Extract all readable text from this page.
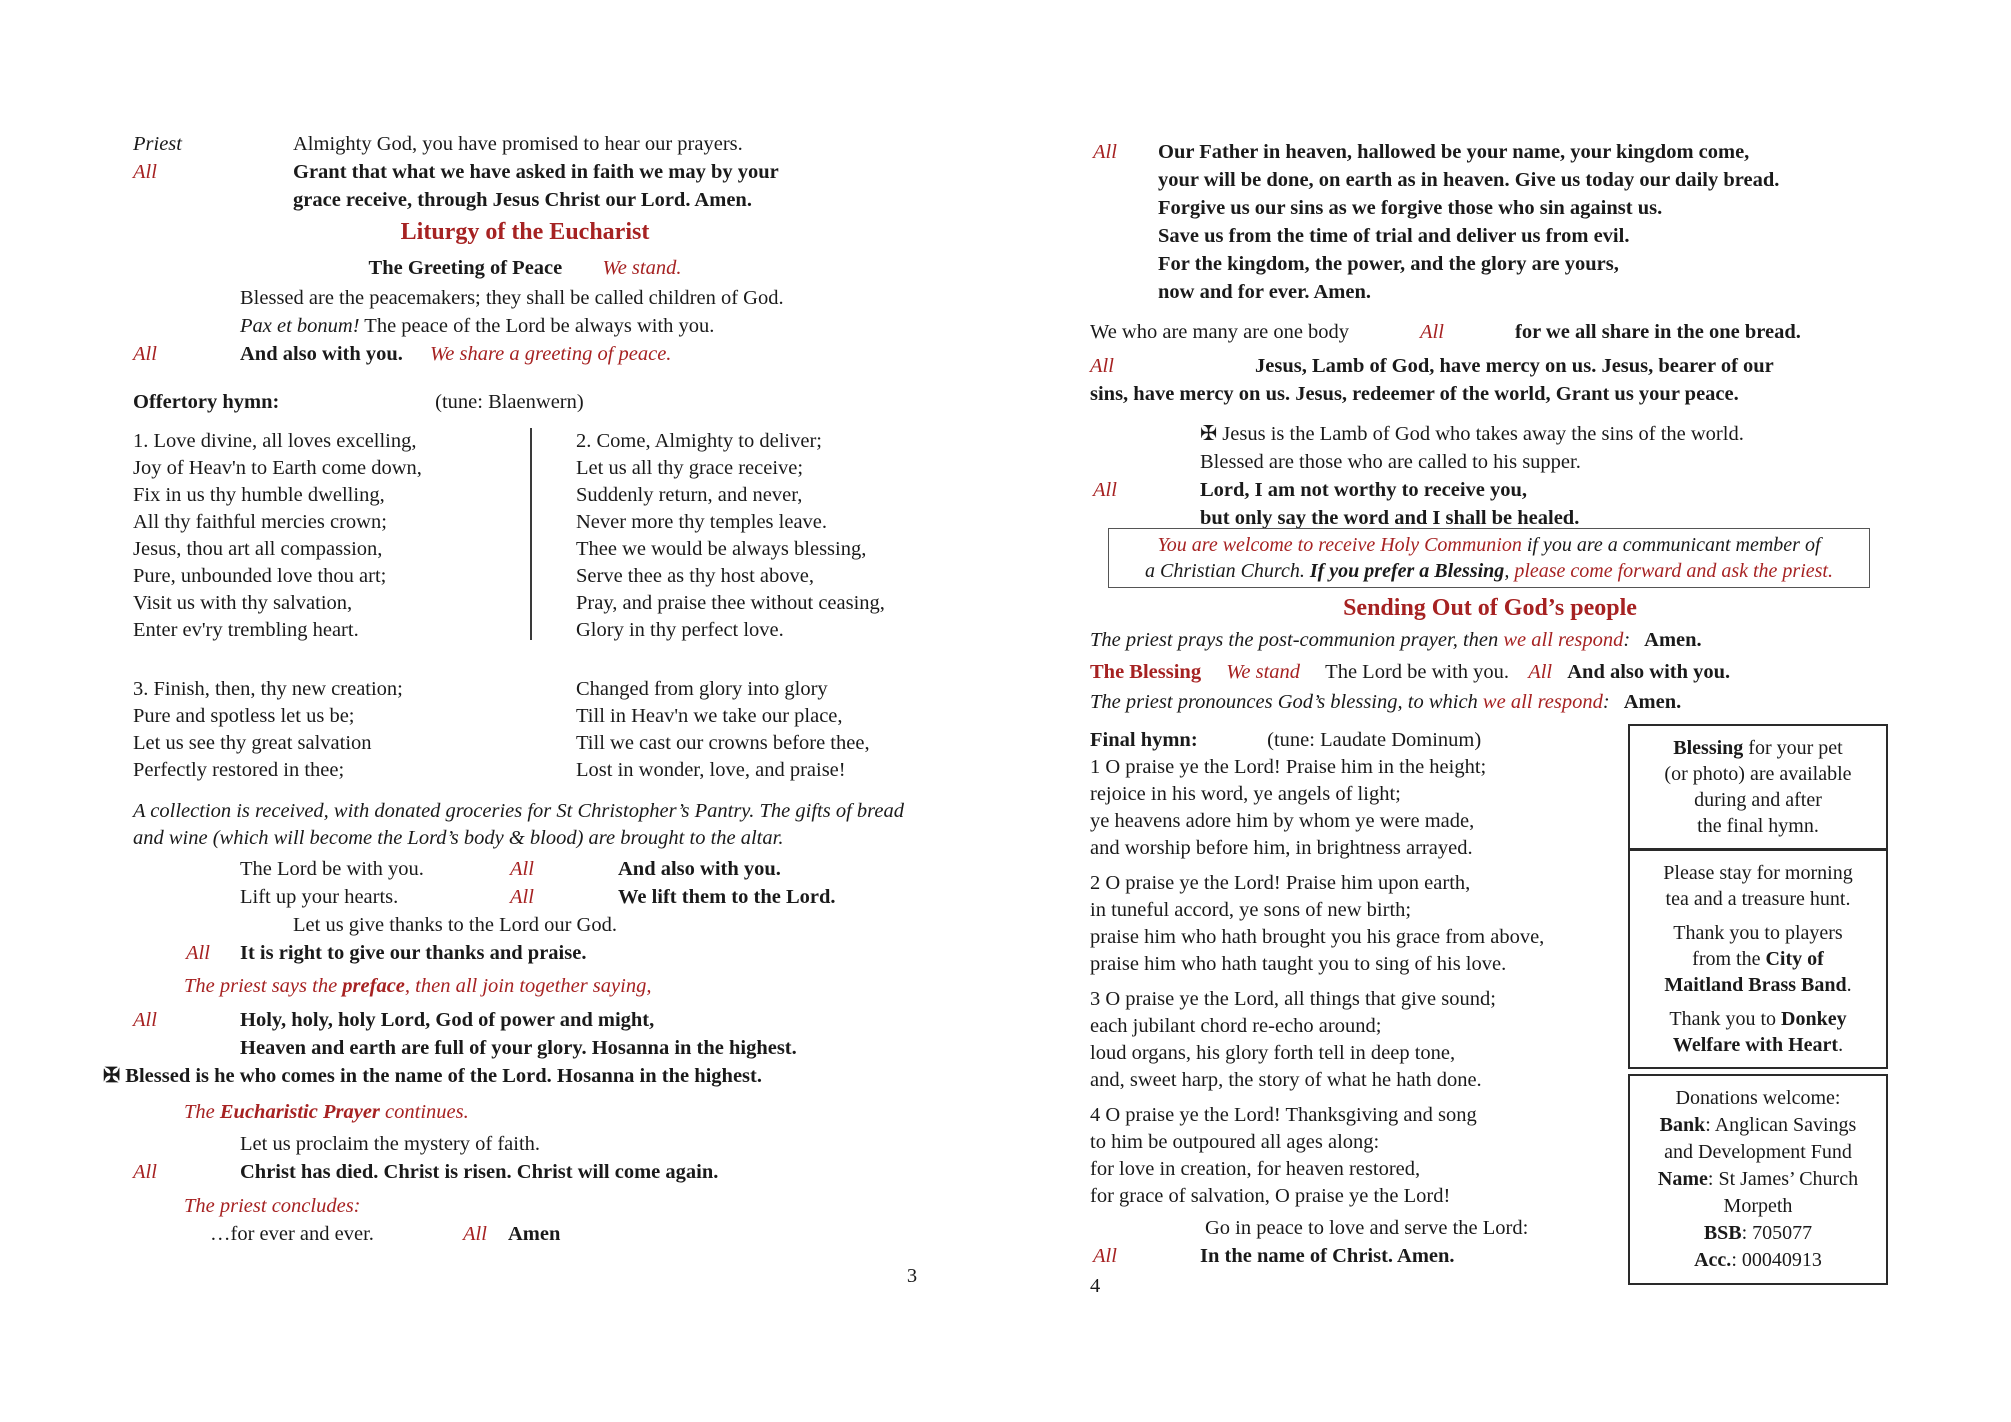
Priest	Almighty God, you have promised to hear our prayers.
All	Grant that what we have asked in faith we may by your
grace receive, through Jesus Christ our Lord. Amen.
Liturgy of the Eucharist
The Greeting of Peace We stand.
Blessed are the peacemakers; they shall be called children of God.
Pax et bonum! The peace of the Lord be always with you.
All	And also with you. We share a greeting of peace.
Offertory hymn:	(tune: Blaenwern)
1. Love divine, all loves excelling,
Joy of Heav'n to Earth come down,
Fix in us thy humble dwelling,
All thy faithful mercies crown;
Jesus, thou art all compassion,
Pure, unbounded love thou art;
Visit us with thy salvation,
Enter ev'ry trembling heart.
2. Come, Almighty to deliver;
Let us all thy grace receive;
Suddenly return, and never,
Never more thy temples leave.
Thee we would be always blessing,
Serve thee as thy host above,
Pray, and praise thee without ceasing,
Glory in thy perfect love.
3. Finish, then, thy new creation;
Pure and spotless let us be;
Let us see thy great salvation
Perfectly restored in thee;
Changed from glory into glory
Till in Heav'n we take our place,
Till we cast our crowns before thee,
Lost in wonder, love, and praise!
A collection is received, with donated groceries for St Christopher’s Pantry. The gifts of bread
and wine (which will become the Lord’s body & blood) are brought to the altar.
The Lord be with you.	All	And also with you.
Lift up your hearts.	All	We lift them to the Lord.
Let us give thanks to the Lord our God.
All	It is right to give our thanks and praise.
The priest says the preface, then all join together saying,
All	Holy, holy, holy Lord, God of power and might,
Heaven and earth are full of your glory. Hosanna in the highest.
✠ Blessed is he who comes in the name of the Lord. Hosanna in the highest.
The Eucharistic Prayer continues.
Let us proclaim the mystery of faith.
All	Christ has died. Christ is risen. Christ will come again.
The priest concludes:
…for ever and ever.	All Amen
3
All	Our Father in heaven, hallowed be your name, your kingdom come,
your will be done, on earth as in heaven. Give us today our daily bread.
Forgive us our sins as we forgive those who sin against us.
Save us from the time of trial and deliver us from evil.
For the kingdom, the power, and the glory are yours,
now and for ever. Amen.
We who are many are one body	All	for we all share in the one bread.
All	Jesus, Lamb of God, have mercy on us. Jesus, bearer of our
sins, have mercy on us. Jesus, redeemer of the world, Grant us your peace.
✠ Jesus is the Lamb of God who takes away the sins of the world.
Blessed are those who are called to his supper.
All	Lord, I am not worthy to receive you,
but only say the word and I shall be healed.
You are welcome to receive Holy Communion if you are a communicant member of
a Christian Church. If you prefer a Blessing, please come forward and ask the priest.
Sending Out of God’s people
The priest prays the post-communion prayer, then we all respond: Amen.
The Blessing We stand The Lord be with you. All And also with you.
The priest pronounces God’s blessing, to which we all respond: Amen.
Final hymn:	(tune: Laudate Dominum)
1 O praise ye the Lord! Praise him in the height;
rejoice in his word, ye angels of light;
ye heavens adore him by whom ye were made,
and worship before him, in brightness arrayed.
2 O praise ye the Lord! Praise him upon earth,
in tuneful accord, ye sons of new birth;
praise him who hath brought you his grace from above,
praise him who hath taught you to sing of his love.
3 O praise ye the Lord, all things that give sound;
each jubilant chord re-echo around;
loud organs, his glory forth tell in deep tone,
and, sweet harp, the story of what he hath done.
4 O praise ye the Lord! Thanksgiving and song
to him be outpoured all ages along:
for love in creation, for heaven restored,
for grace of salvation, O praise ye the Lord!
Go in peace to love and serve the Lord:
All	In the name of Christ. Amen.
4
Blessing for your pet
(or photo) are available
during and after
the final hymn.

Please stay for morning
tea and a treasure hunt.

Thank you to players
from the City of
Maitland Brass Band.

Thank you to Donkey
Welfare with Heart.

Donations welcome:
Bank: Anglican Savings
and Development Fund
Name: St James’ Church
Morpeth
BSB: 705077
Acc.: 00040913
